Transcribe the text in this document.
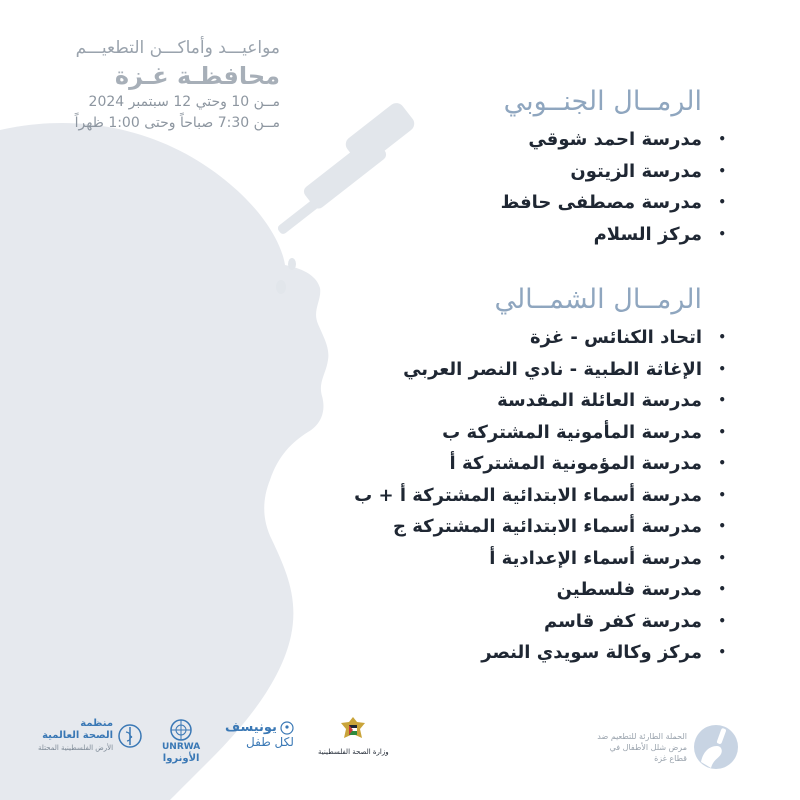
مواعيـــد وأماكـــن التطعيـــم
محافظـة غـزة
مــن 10 وحتي 12 سبتمبر 2024
مــن 7:30 صباحاً وحتى 1:00 ظهراً
الرمــال الجنــوبي
•
مدرسة احمد شوقي
•
مدرسة الزيتون
•
مدرسة مصطفى حافظ
•
مركز السلام
الرمــال الشمــالي
•
اتحاد الكنائس - غزة
•
الإغاثة الطبية - نادي النصر العربي
•
مدرسة العائلة المقدسة
•
مدرسة المأمونية المشتركة ب
•
مدرسة المؤمونية المشتركة أ
•
مدرسة أسماء الابتدائية المشتركة أ + ب
•
مدرسة أسماء الابتدائية المشتركة ج
•
مدرسة أسماء الإعدادية أ
•
مدرسة فلسطين
•
مدرسة كفر قاسم
•
مركز وكالة سويدي النصر
منظمة
الصحة العالمية
الأرض الفلسطينية المحتلة	UNRWA
الأونروا
يونيسف
لكل طفل
وزارة الصحة الفلسطينية
الحملة الطارئة للتطعيم ضد مرض شلل الأطفال في قطاع غزة
